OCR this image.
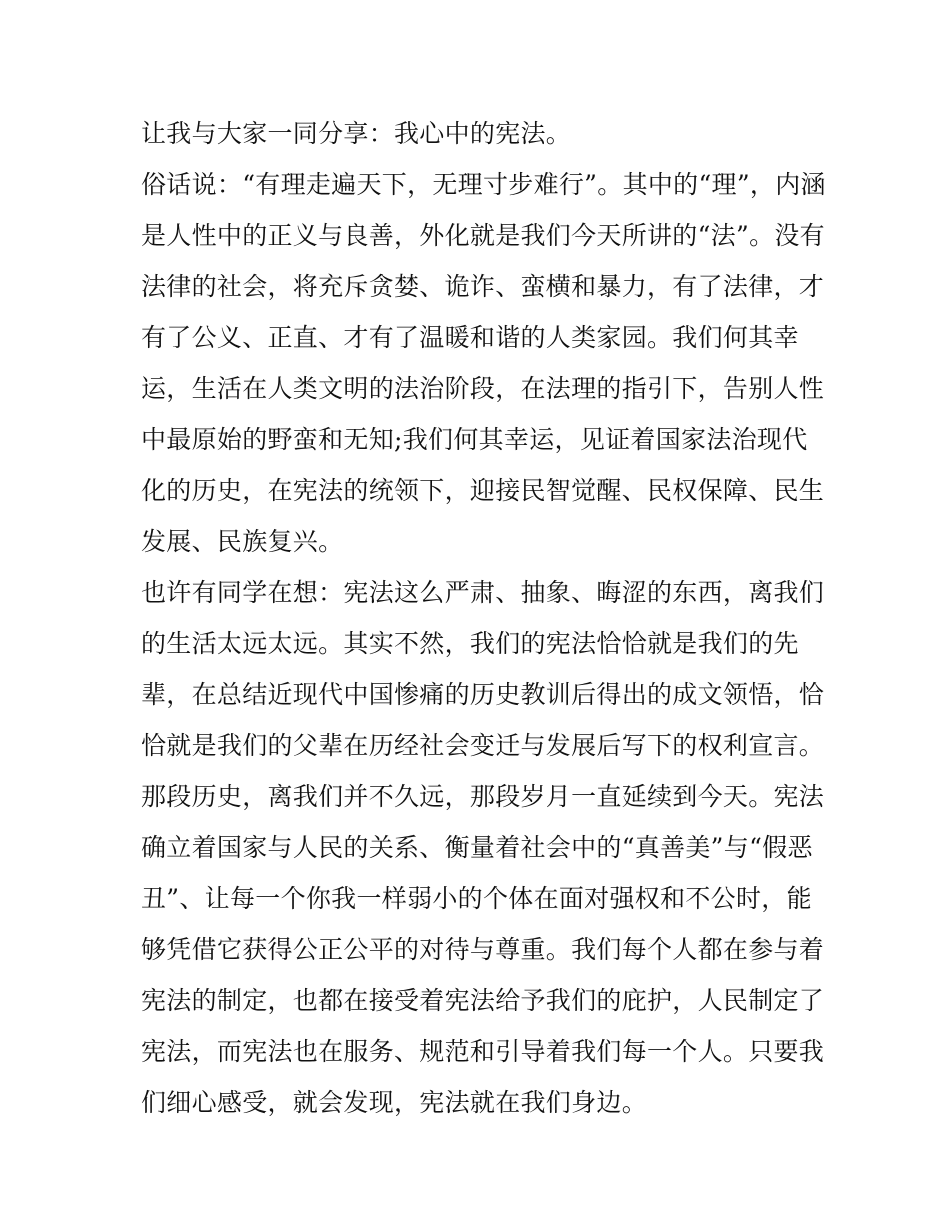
让我与大家一同分享：我心中的宪法。
俗话说：“有理走遍天下，无理寸步难行”。其中的“理”，内涵
是人性中的正义与良善，外化就是我们今天所讲的“法”。没有
法律的社会，将充斥贪婪、诡诈、蛮横和暴力，有了法律，才
有了公义、正直、才有了温暖和谐的人类家园。我们何其幸
运，生活在人类文明的法治阶段，在法理的指引下，告别人性
中最原始的野蛮和无知;我们何其幸运，见证着国家法治现代
化的历史，在宪法的统领下，迎接民智觉醒、民权保障、民生
发展、民族复兴。
也许有同学在想：宪法这么严肃、抽象、晦涩的东西，离我们
的生活太远太远。其实不然，我们的宪法恰恰就是我们的先
辈，在总结近现代中国惨痛的历史教训后得出的成文领悟，恰
恰就是我们的父辈在历经社会变迁与发展后写下的权利宣言。
那段历史，离我们并不久远，那段岁月一直延续到今天。宪法
确立着国家与人民的关系、衡量着社会中的“真善美”与“假恶
丑”、让每一个你我一样弱小的个体在面对强权和不公时，能
够凭借它获得公正公平的对待与尊重。我们每个人都在参与着
宪法的制定，也都在接受着宪法给予我们的庇护，人民制定了
宪法，而宪法也在服务、规范和引导着我们每一个人。只要我
们细心感受，就会发现，宪法就在我们身边。
